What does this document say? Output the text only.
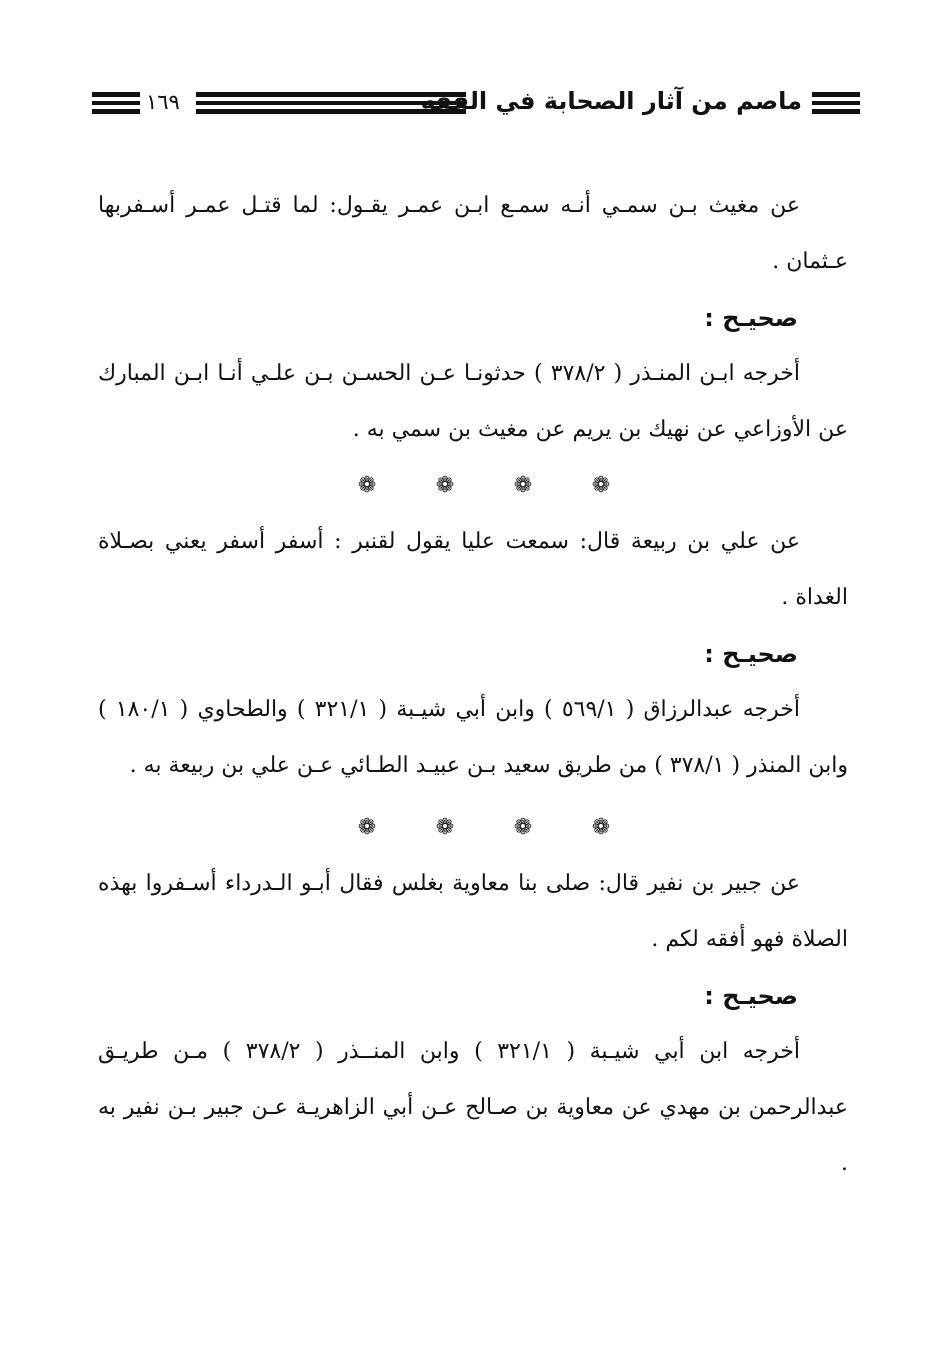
١٦٩	ماصم من آثار الصحابة في الفقه

عن مغيث بـن سمـي أنـه سمـع ابـن عمـر يقـول: لما قتـل عمـر أسـفربها عـثمان .

صحيـح :

أخرجه ابـن المنـذر ( ٣٧٨/٢ ) حدثونـا عـن الحسـن بـن علـي أنـا ابـن المبارك عن الأوزاعي عن نهيك بن يريم عن مغيث بن سمي به .

❁	❁	❁	❁

عن علي بن ربيعة قال: سمعت عليا يقول لقنبر : أسفر أسفر يعني بصـلاة الغداة .

صحيـح :

أخرجه عبدالرزاق ( ٥٦٩/١ ) وابن أبي شيـبة ( ٣٢١/١ ) والطحاوي ( ١٨٠/١ ) وابن المنذر ( ٣٧٨/١ ) من طريق سعيد بـن عبيـد الطـائي عـن علي بن ربيعة به .

❁	❁	❁	❁

عن جبير بن نفير قال: صلى بنا معاوية بغلس فقال أبـو الـدرداء أسـفروا بهذه الصلاة فهو أفقه لكم .

صحيـح :

أخرجه ابن أبي شيـبة ( ٣٢١/١ ) وابن المنــذر ( ٣٧٨/٢ ) مـن طريـق عبدالرحمن بن مهدي عن معاوية بن صـالح عـن أبي الزاهريـة عـن جبير بـن نفير به .
